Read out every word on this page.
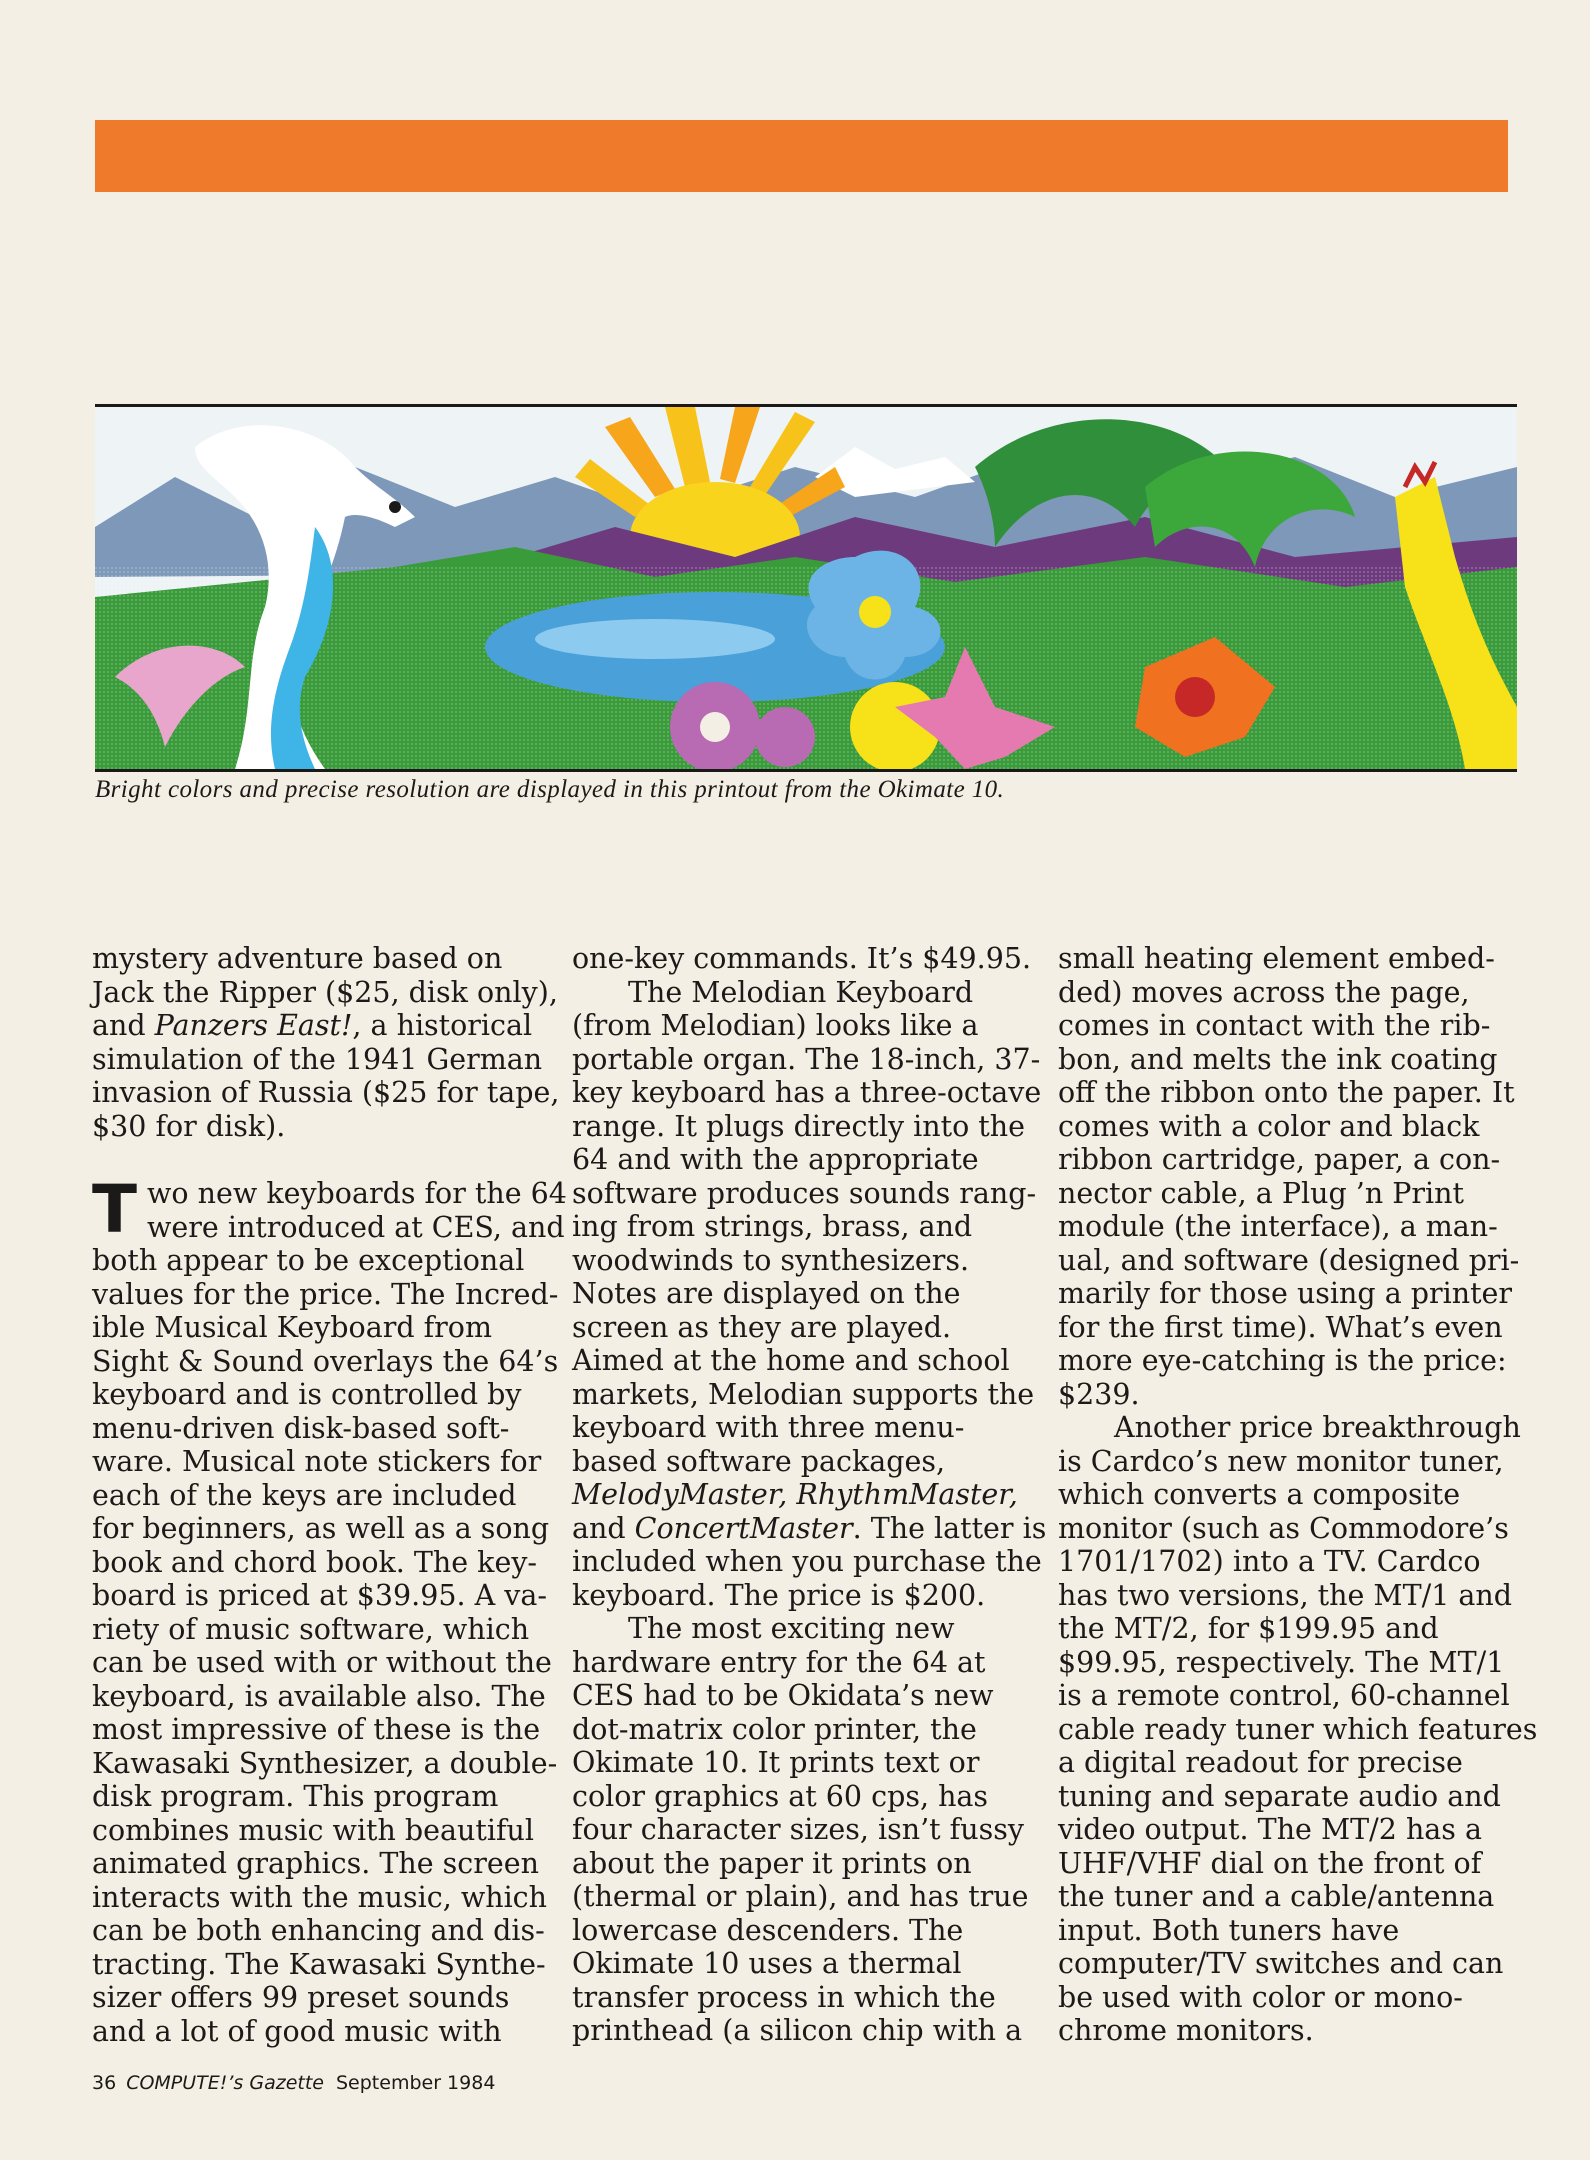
Bright colors and precise resolution are displayed in this printout from the Okimate 10.

mystery adventure based on
Jack the Ripper ($25, disk only),
and Panzers East!, a historical
simulation of the 1941 German
invasion of Russia ($25 for tape,
$30 for disk).

T wo new keyboards for the 64
were introduced at CES, and
both appear to be exceptional
values for the price. The Incred-
ible Musical Keyboard from
Sight & Sound overlays the 64’s
keyboard and is controlled by
menu-driven disk-based soft-
ware. Musical note stickers for
each of the keys are included
for beginners, as well as a song
book and chord book. The key-
board is priced at $39.95. A va-
riety of music software, which
can be used with or without the
keyboard, is available also. The
most impressive of these is the
Kawasaki Synthesizer, a double-
disk program. This program
combines music with beautiful
animated graphics. The screen
interacts with the music, which
can be both enhancing and dis-
tracting. The Kawasaki Synthe-
sizer offers 99 preset sounds
and a lot of good music with

one-key commands. It’s $49.95.

The Melodian Keyboard
(from Melodian) looks like a
portable organ. The 18-inch, 37-
key keyboard has a three-octave
range. It plugs directly into the
64 and with the appropriate
software produces sounds rang-
ing from strings, brass, and
woodwinds to synthesizers.
Notes are displayed on the
screen as they are played.
Aimed at the home and school
markets, Melodian supports the
keyboard with three menu-
based software packages,
MelodyMaster, RhythmMaster,
and ConcertMaster. The latter is
included when you purchase the
keyboard. The price is $200.

The most exciting new
hardware entry for the 64 at
CES had to be Okidata’s new
dot-matrix color printer, the
Okimate 10. It prints text or
color graphics at 60 cps, has
four character sizes, isn’t fussy
about the paper it prints on
(thermal or plain), and has true
lowercase descenders. The
Okimate 10 uses a thermal
transfer process in which the
printhead (a silicon chip with a

small heating element embed-
ded) moves across the page,
comes in contact with the rib-
bon, and melts the ink coating
off the ribbon onto the paper. It
comes with a color and black
ribbon cartridge, paper, a con-
nector cable, a Plug ’n Print
module (the interface), a man-
ual, and software (designed pri-
marily for those using a printer
for the first time). What’s even
more eye-catching is the price:
$239.

Another price breakthrough
is Cardco’s new monitor tuner,
which converts a composite
monitor (such as Commodore’s
1701/1702) into a TV. Cardco
has two versions, the MT/1 and
the MT/2, for $199.95 and
$99.95, respectively. The MT/1
is a remote control, 60-channel
cable ready tuner which features
a digital readout for precise
tuning and separate audio and
video output. The MT/2 has a
UHF/VHF dial on the front of
the tuner and a cable/antenna
input. Both tuners have
computer/TV switches and can
be used with color or mono-
chrome monitors.

36 COMPUTE!’s Gazette September 1984
